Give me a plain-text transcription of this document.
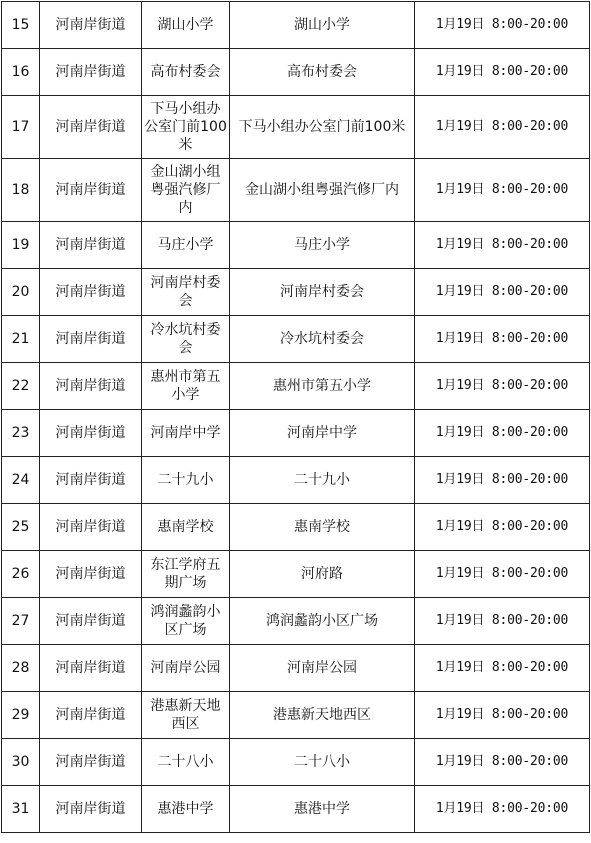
15	河南岸街道	湖山小学	湖山小学	1月19日 8:00-20:00
16	河南岸街道	高布村委会	高布村委会	1月19日 8:00-20:00
17	河南岸街道	下马小组办公室门前100米	下马小组办公室门前100米	1月19日 8:00-20:00
18	河南岸街道	金山湖小组粤强汽修厂内	金山湖小组粤强汽修厂内	1月19日 8:00-20:00
19	河南岸街道	马庄小学	马庄小学	1月19日 8:00-20:00
20	河南岸街道	河南岸村委会	河南岸村委会	1月19日 8:00-20:00
21	河南岸街道	冷水坑村委会	冷水坑村委会	1月19日 8:00-20:00
22	河南岸街道	惠州市第五小学	惠州市第五小学	1月19日 8:00-20:00
23	河南岸街道	河南岸中学	河南岸中学	1月19日 8:00-20:00
24	河南岸街道	二十九小	二十九小	1月19日 8:00-20:00
25	河南岸街道	惠南学校	惠南学校	1月19日 8:00-20:00
26	河南岸街道	东江学府五期广场	河府路	1月19日 8:00-20:00
27	河南岸街道	鸿润蠡韵小区广场	鸿润蠡韵小区广场	1月19日 8:00-20:00
28	河南岸街道	河南岸公园	河南岸公园	1月19日 8:00-20:00
29	河南岸街道	港惠新天地西区	港惠新天地西区	1月19日 8:00-20:00
30	河南岸街道	二十八小	二十八小	1月19日 8:00-20:00
31	河南岸街道	惠港中学	惠港中学	1月19日 8:00-20:00
